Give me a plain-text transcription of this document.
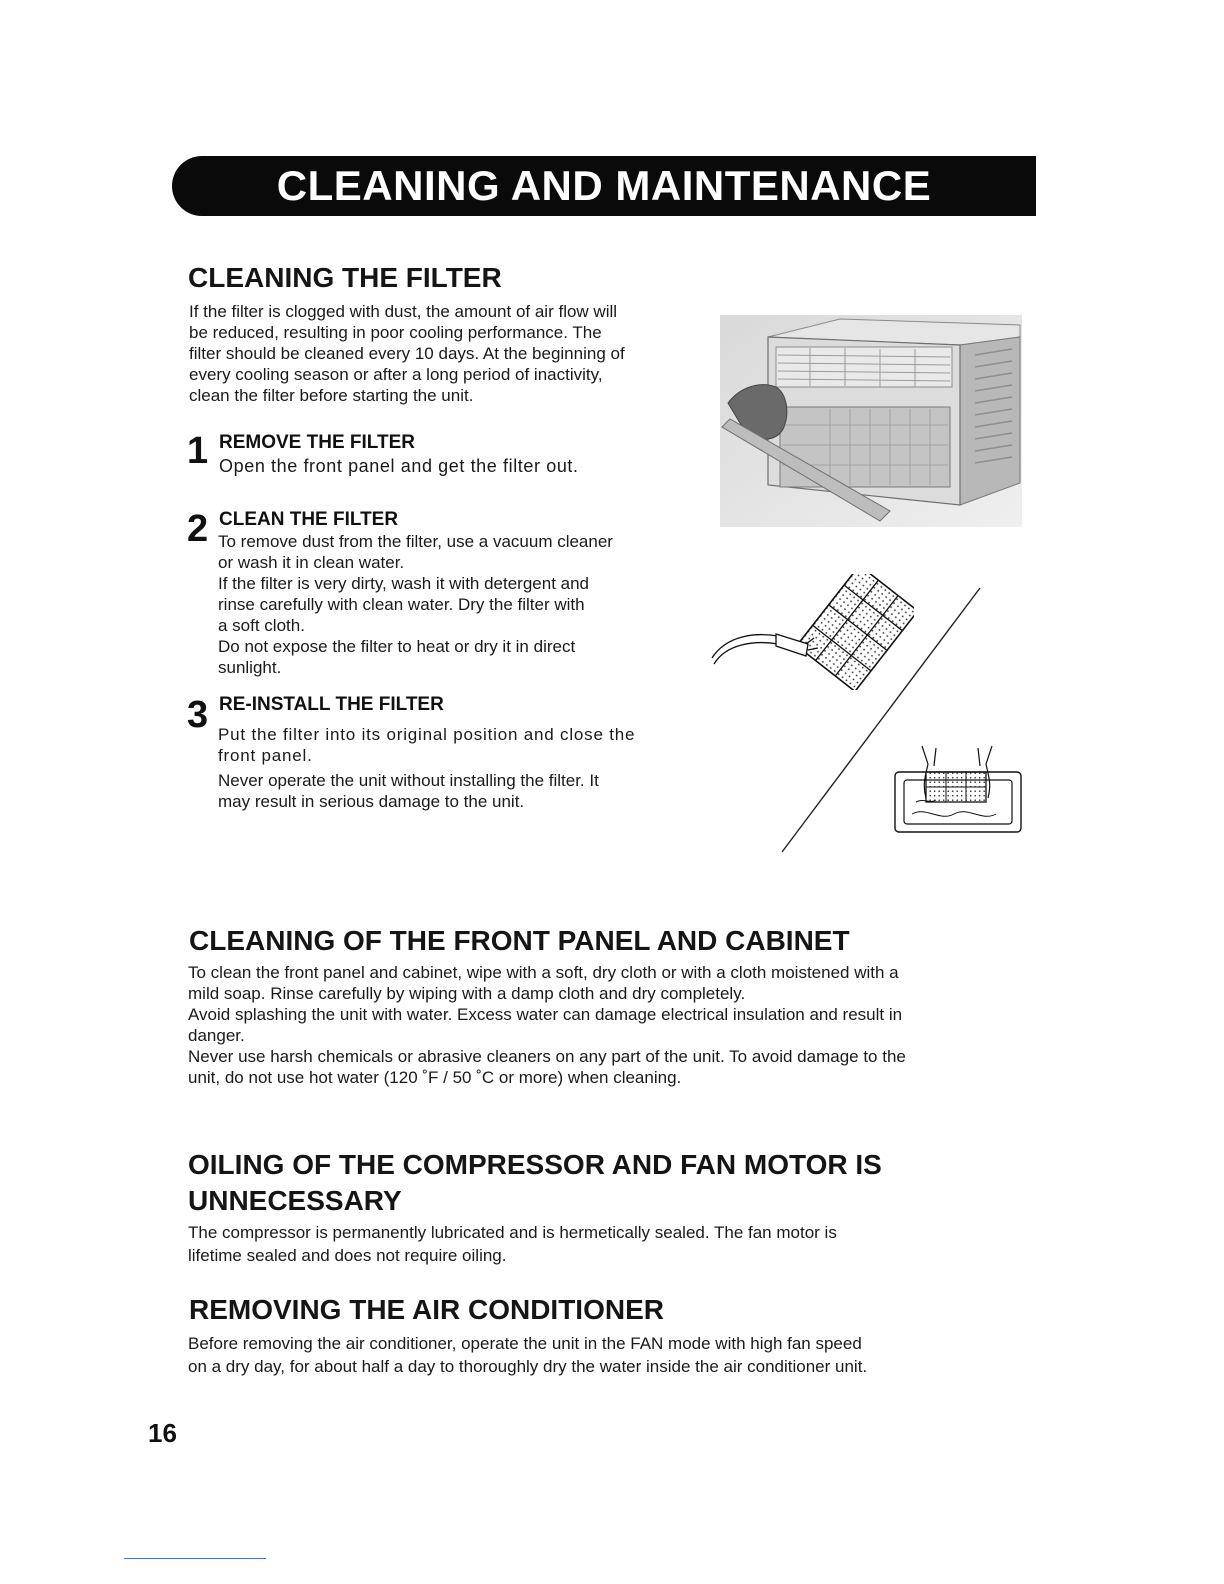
CLEANING AND MAINTENANCE
CLEANING THE FILTER
If the filter is clogged with dust, the amount of air flow will
be reduced, resulting in poor cooling performance. The
filter should be cleaned every 10 days. At the beginning of
every cooling season or after a long period of inactivity,
clean the filter before starting the unit.
1 REMOVE THE FILTER
Open the front panel and get the filter out.
2 CLEAN THE FILTER
To remove dust from the filter, use a vacuum cleaner
or wash it in clean water.
If the filter is very dirty, wash it with detergent and
rinse carefully with clean water. Dry the filter with
a soft cloth.
Do not expose the filter to heat or dry it in direct
sunlight.
3 RE-INSTALL THE FILTER
Put the filter into its original position and close the
front panel.
Never operate the unit without installing the filter. It
may result in serious damage to the unit.
CLEANING OF THE FRONT PANEL AND CABINET
To clean the front panel and cabinet, wipe with a soft, dry cloth or with a cloth moistened with a
mild soap. Rinse carefully by wiping with a damp cloth and dry completely.
Avoid splashing the unit with water. Excess water can damage electrical insulation and result in
danger.
Never use harsh chemicals or abrasive cleaners on any part of the unit. To avoid damage to the
unit, do not use hot water (120 ˚F / 50 ˚C or more) when cleaning.
OILING OF THE COMPRESSOR AND FAN MOTOR IS
UNNECESSARY
The compressor is permanently lubricated and is hermetically sealed. The fan motor is
lifetime sealed and does not require oiling.
REMOVING THE AIR CONDITIONER
Before removing the air conditioner, operate the unit in the FAN mode with high fan speed
on a dry day, for about half a day to thoroughly dry the water inside the air conditioner unit.
16
